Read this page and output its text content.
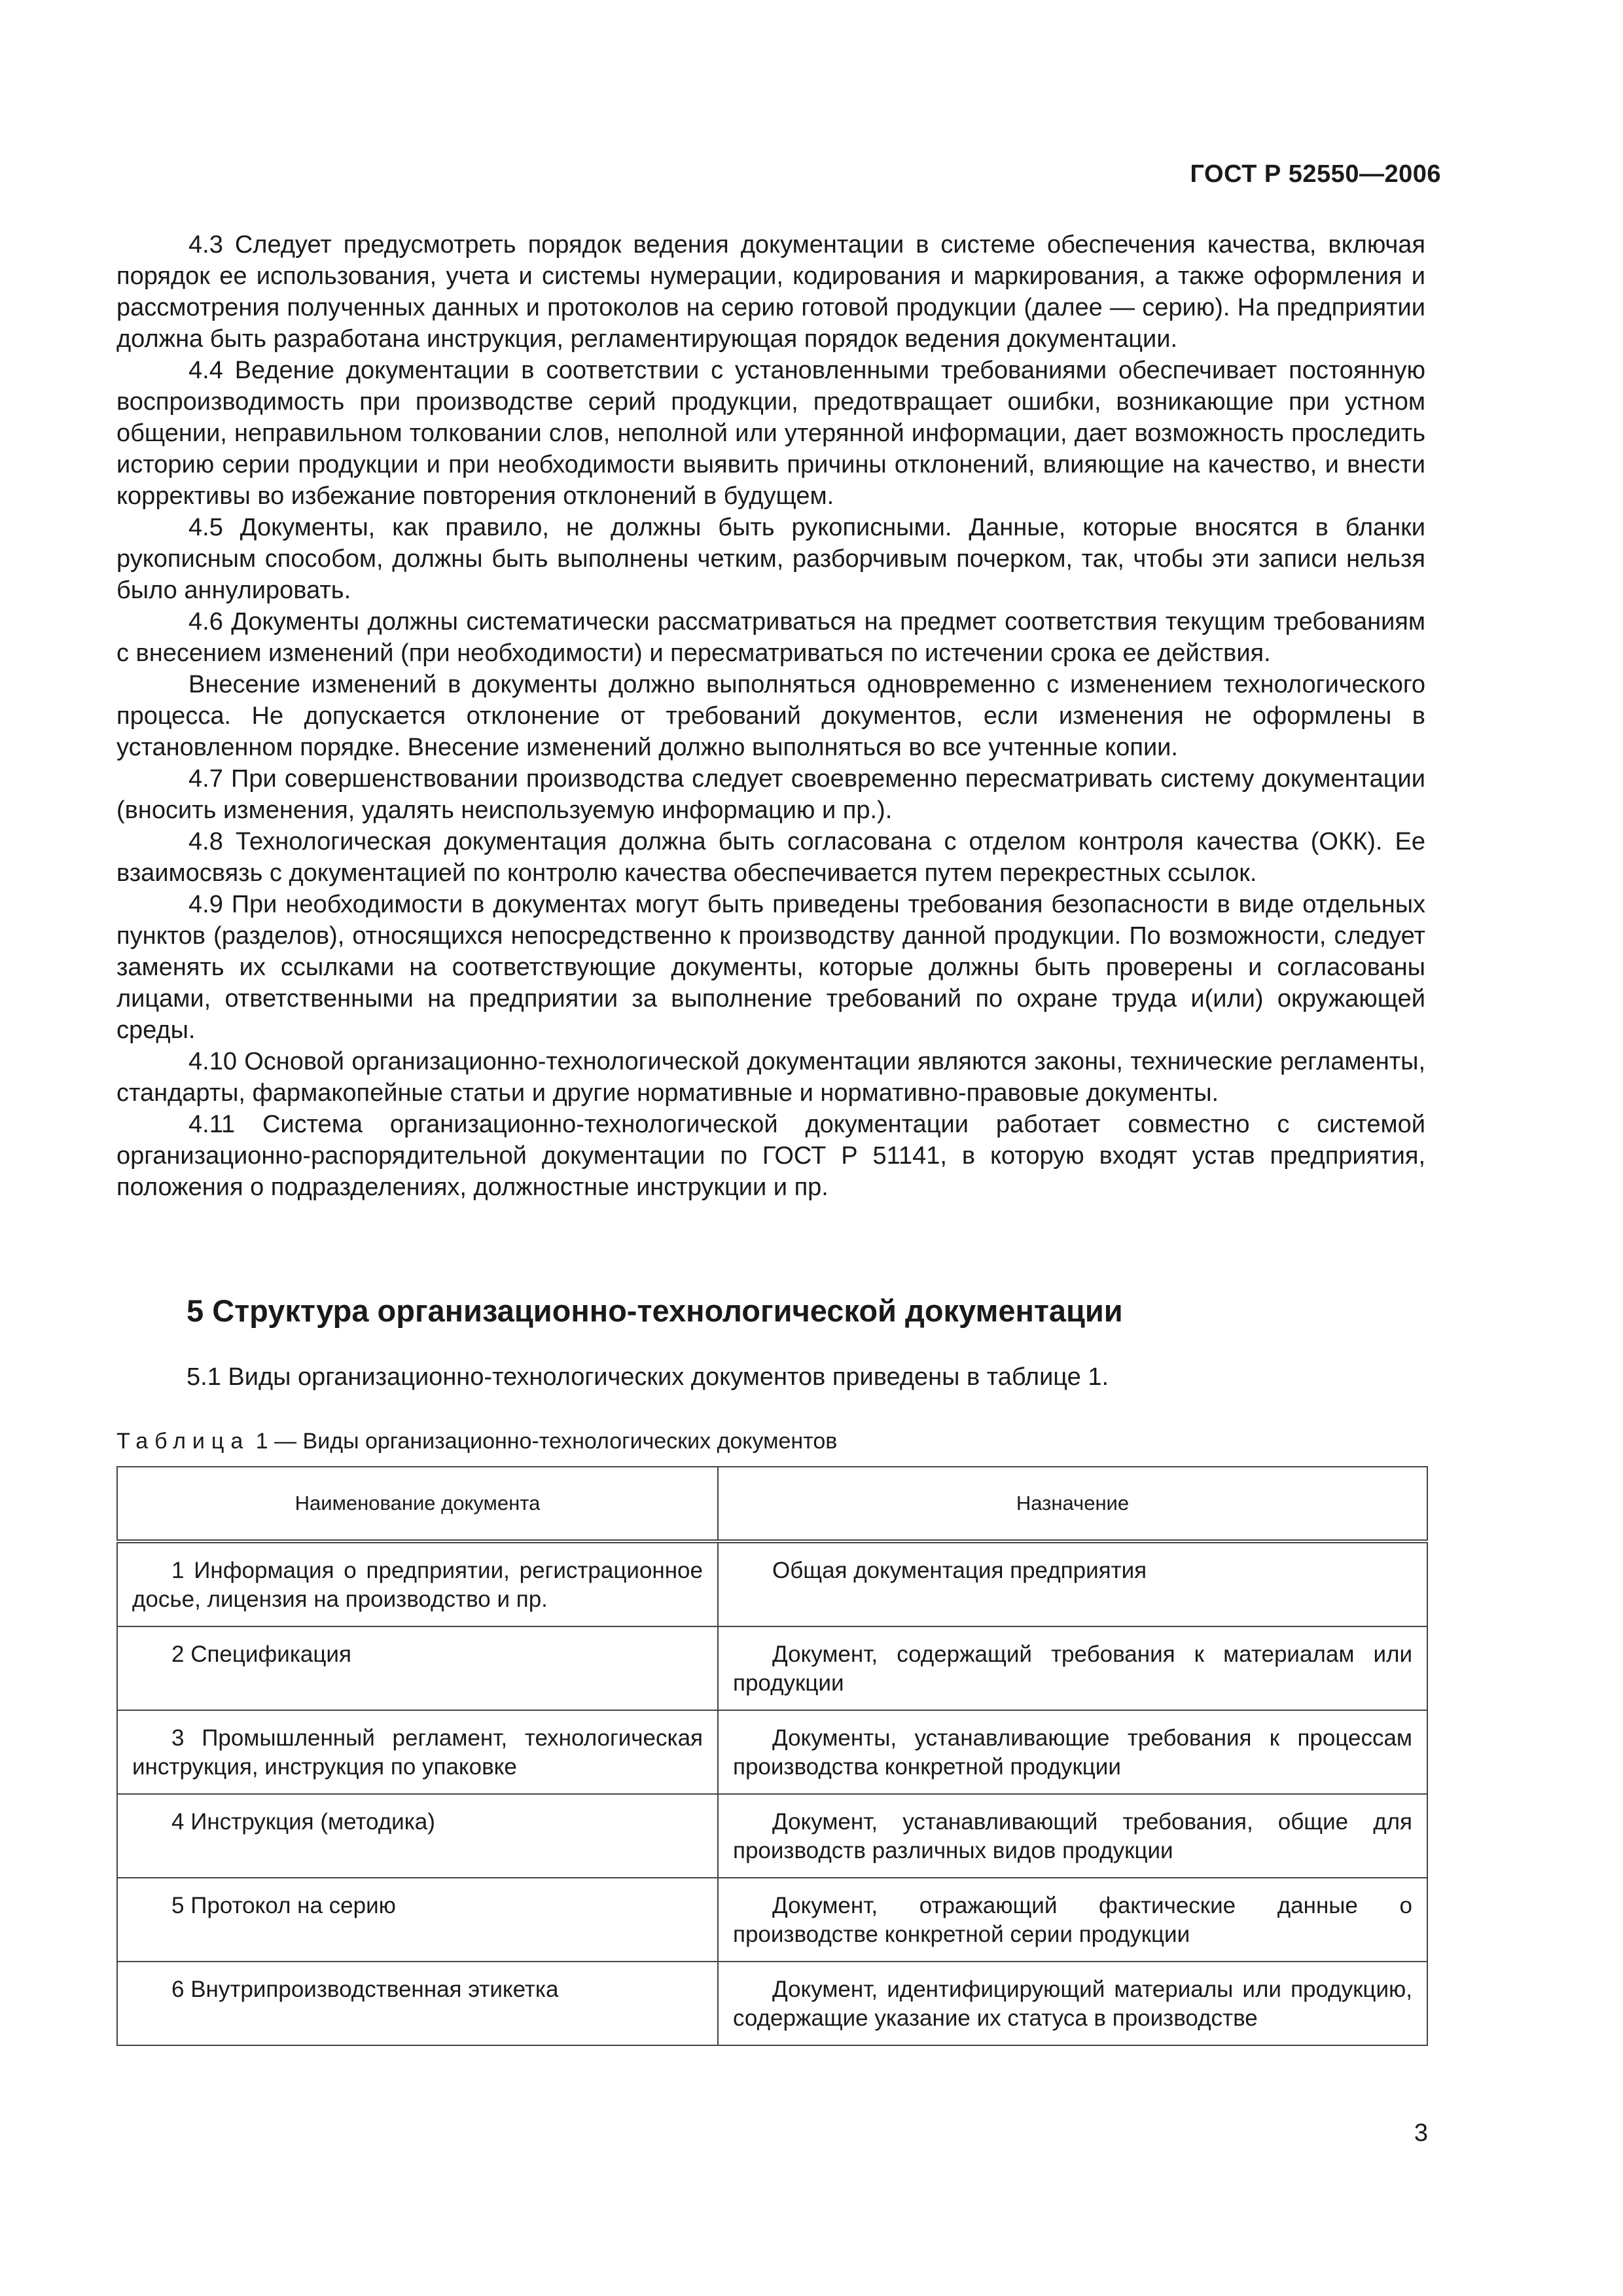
ГОСТ Р 52550—2006

4.3 Следует предусмотреть порядок ведения документации в системе обеспечения качества, включая порядок ее использования, учета и системы нумерации, кодирования и маркирования, а также оформления и рассмотрения полученных данных и протоколов на серию готовой продукции (далее — серию). На предприятии должна быть разработана инструкция, регламентирующая порядок ведения документации.

4.4 Ведение документации в соответствии с установленными требованиями обеспечивает постоянную воспроизводимость при производстве серий продукции, предотвращает ошибки, возникающие при устном общении, неправильном толковании слов, неполной или утерянной информации, дает возможность проследить историю серии продукции и при необходимости выявить причины отклонений, влияющие на качество, и внести коррективы во избежание повторения отклонений в будущем.

4.5 Документы, как правило, не должны быть рукописными. Данные, которые вносятся в бланки рукописным способом, должны быть выполнены четким, разборчивым почерком, так, чтобы эти записи нельзя было аннулировать.

4.6 Документы должны систематически рассматриваться на предмет соответствия текущим требованиям с внесением изменений (при необходимости) и пересматриваться по истечении срока ее действия.

Внесение изменений в документы должно выполняться одновременно с изменением технологического процесса. Не допускается отклонение от требований документов, если изменения не оформлены в установленном порядке. Внесение изменений должно выполняться во все учтенные копии.

4.7 При совершенствовании производства следует своевременно пересматривать систему документации (вносить изменения, удалять неиспользуемую информацию и пр.).

4.8 Технологическая документация должна быть согласована с отделом контроля качества (ОКК). Ее взаимосвязь с документацией по контролю качества обеспечивается путем перекрестных ссылок.

4.9 При необходимости в документах могут быть приведены требования безопасности в виде отдельных пунктов (разделов), относящихся непосредственно к производству данной продукции. По возможности, следует заменять их ссылками на соответствующие документы, которые должны быть проверены и согласованы лицами, ответственными на предприятии за выполнение требований по охране труда и(или) окружающей среды.

4.10 Основой организационно-технологической документации являются законы, технические регламенты, стандарты, фармакопейные статьи и другие нормативные и нормативно-правовые документы.

4.11 Система организационно-технологической документации работает совместно с системой организационно-распорядительной документации по ГОСТ Р 51141, в которую входят устав предприятия, положения о подразделениях, должностные инструкции и пр.

5 Структура организационно-технологической документации
5.1 Виды организационно-технологических документов приведены в таблице 1.
Таблица 1 — Виды организационно-технологических документов
Наименование документа	Назначение

1 Информация о предприятии, регистрационное досье, лицензия на производство и пр.	Общая документация предприятия

2 Спецификация	Документ, содержащий требования к материалам или продукции

3 Промышленный регламент, технологическая инструкция, инструкция по упаковке	Документы, устанавливающие требования к процессам производства конкретной продукции

4 Инструкция (методика)	Документ, устанавливающий требования, общие для производств различных видов продукции

5 Протокол на серию	Документ, отражающий фактические данные о производстве конкретной серии продукции

6 Внутрипроизводственная этикетка	Документ, идентифицирующий материалы или продукцию, содержащие указание их статуса в производстве
3
